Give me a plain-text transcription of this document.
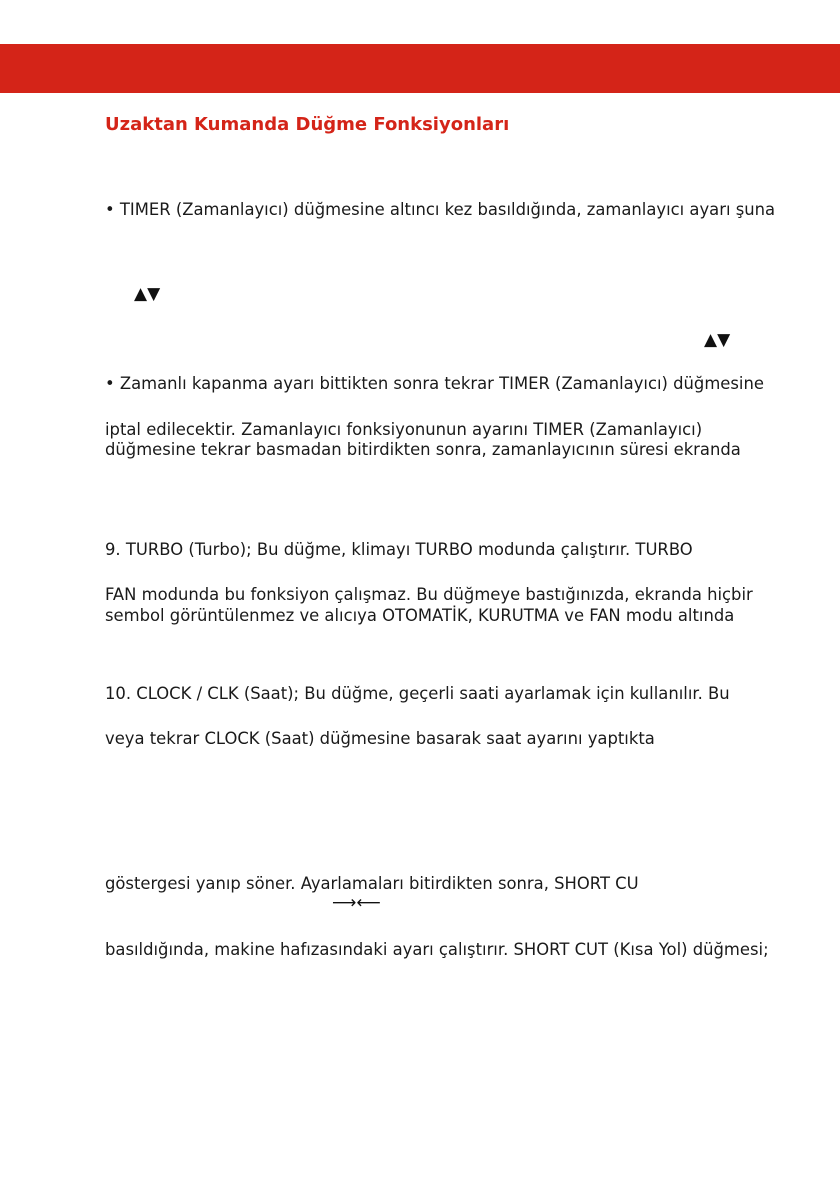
Uzaktan Kumanda Düğme Fonksiyonları

• TIMER (Zamanlayıcı) düğmesine altıncı kez basıldığında, zamanlayıcı ayarı şuna

▲▼
▲▼

• Zamanlı kapanma ayarı bittikten sonra tekrar TIMER (Zamanlayıcı) düğmesine

iptal edilecektir. Zamanlayıcı fonksiyonunun ayarını TIMER (Zamanlayıcı)

düğmesine tekrar basmadan bitirdikten sonra, zamanlayıcının süresi ekranda

9. TURBO (Turbo); Bu düğme, klimayı TURBO modunda çalıştırır. TURBO

FAN modunda bu fonksiyon çalışmaz. Bu düğmeye bastığınızda, ekranda hiçbir

sembol görüntülenmez ve alıcıya OTOMATİK, KURUTMA ve FAN modu altında

10. CLOCK / CLK (Saat); Bu düğme, geçerli saati ayarlamak için kullanılır. Bu

veya tekrar CLOCK (Saat) düğmesine basarak saat ayarını yaptıkta

göstergesi yanıp söner. Ayarlamaları bitirdikten sonra, SHORT CU

⟶⟵

basıldığında, makine hafızasındaki ayarı çalıştırır. SHORT CUT (Kısa Yol) düğmesi;
